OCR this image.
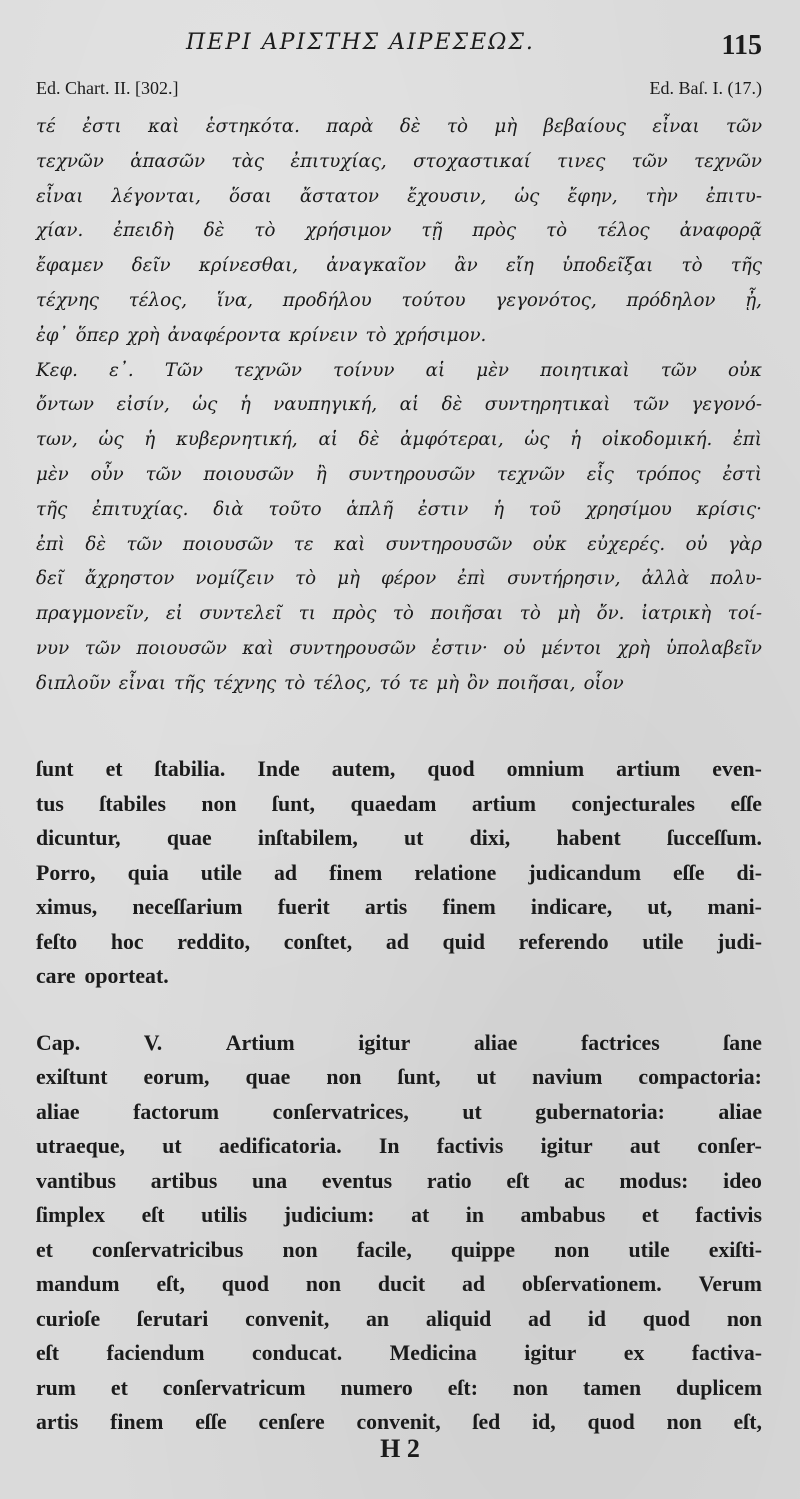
ΠΕΡΙ ΑΡΙΣΤΗΣ ΑΙΡΕΣΕΩΣ.	115
Ed. Chart. II. [302.]	Ed. Baſ. I. (17.)
τέ ἐστι καὶ ἑστηκότα. παρὰ δὲ τὸ μὴ βεβαίους εἶναι τῶν
τεχνῶν ἁπασῶν τὰς ἐπιτυχίας, στοχαστικαί τινες τῶν τεχνῶν
εἶναι λέγονται, ὅσαι ἄστατον ἔχουσιν, ὡς ἔφην, τὴν ἐπιτυ-
χίαν. ἐπειδὴ δὲ τὸ χρήσιμον τῇ πρὸς τὸ τέλος ἀναφορᾷ
ἔφαμεν δεῖν κρίνεσθαι, ἀναγκαῖον ἂν εἴη ὑποδεῖξαι τὸ τῆς
τέχνης τέλος, ἵνα, προδήλου τούτου γεγονότος, πρόδηλον ᾖ,
ἐφ᾽ ὅπερ χρὴ ἀναφέροντα κρίνειν τὸ χρήσιμον.
Κεφ. ε᾽. Τῶν τεχνῶν τοίνυν αἱ μὲν ποιητικαὶ τῶν οὐκ
ὄντων εἰσίν, ὡς ἡ ναυπηγική, αἱ δὲ συντηρητικαὶ τῶν γεγονό-
των, ὡς ἡ κυβερνητική, αἱ δὲ ἀμφότεραι, ὡς ἡ οἰκοδομική. ἐπὶ
μὲν οὖν τῶν ποιουσῶν ἢ συντηρουσῶν τεχνῶν εἷς τρόπος ἐστὶ
τῆς ἐπιτυχίας. διὰ τοῦτο ἁπλῆ ἐστιν ἡ τοῦ χρησίμου κρίσις·
ἐπὶ δὲ τῶν ποιουσῶν τε καὶ συντηρουσῶν οὐκ εὐχερές. οὐ γὰρ
δεῖ ἄχρηστον νομίζειν τὸ μὴ φέρον ἐπὶ συντήρησιν, ἀλλὰ πολυ-
πραγμονεῖν, εἰ συντελεῖ τι πρὸς τὸ ποιῆσαι τὸ μὴ ὄν. ἰατρικὴ τοί-
νυν τῶν ποιουσῶν καὶ συντηρουσῶν ἐστιν· οὐ μέντοι χρὴ ὑπολαβεῖν
διπλοῦν εἶναι τῆς τέχνης τὸ τέλος, τό τε μὴ ὂν ποιῆσαι, οἷον
ſunt et ſtabilia. Inde autem, quod omnium artium even-
tus ſtabiles non ſunt, quaedam artium conjecturales eſſe
dicuntur, quae inſtabilem, ut dixi, habent ſucceſſum.
Porro, quia utile ad finem relatione judicandum eſſe di-
ximus, neceſſarium fuerit artis finem indicare, ut, mani-
feſto hoc reddito, conſtet, ad quid referendo utile judi-
care oporteat.
Cap.	V.	Artium	igitur	aliae	factrices	ſane
exiſtunt eorum, quae non ſunt, ut navium compactoria:
aliae factorum conſervatrices, ut gubernatoria: aliae
utraeque, ut aedificatoria. In factivis igitur aut conſer-
vantibus artibus una eventus ratio eſt ac modus: ideo
ſimplex eſt utilis judicium: at in ambabus et factivis
et conſervatricibus non facile, quippe non utile exiſti-
mandum eſt, quod non ducit ad obſervationem. Verum
curioſe ſerutari convenit, an aliquid ad id quod non
eſt faciendum conducat. Medicina igitur ex factiva-
rum et conſervatricum numero eſt: non tamen duplicem
artis finem eſſe cenſere convenit, ſed id, quod non eſt,
H 2
